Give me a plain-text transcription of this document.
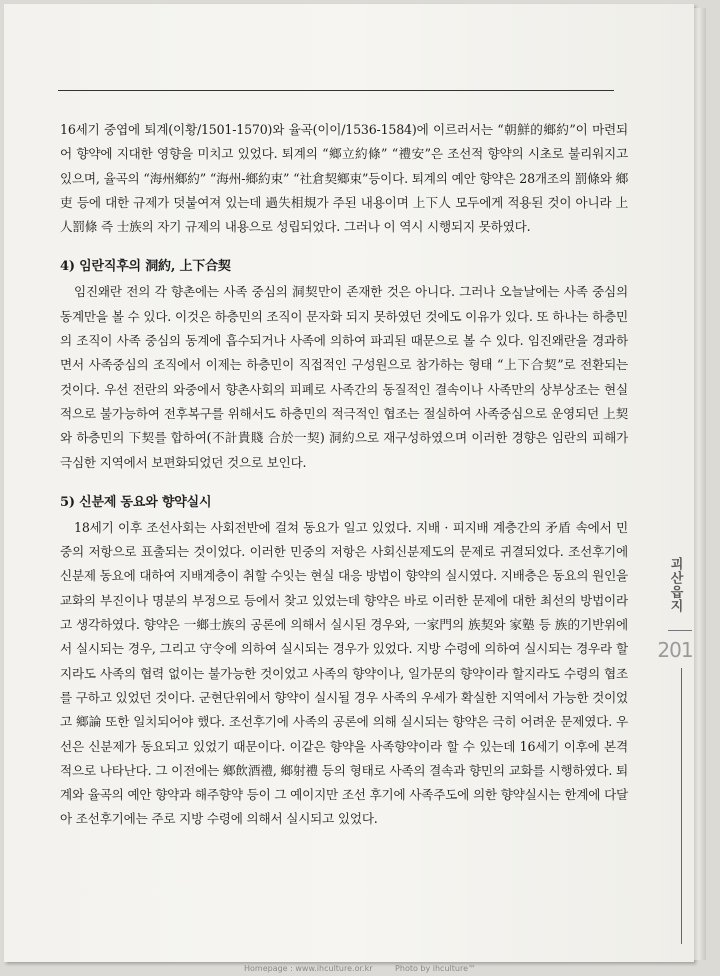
16세기 중엽에 퇴계(이황/1501-1570)와 율곡(이이/1536-1584)에 이르러서는 “朝鮮的鄉約”이 마련되어 향약에 지대한 영향을 미치고 있었다. 퇴계의 “鄉立約條” “禮安”은 조선적 향약의 시초로 불리워지고 있으며, 율곡의 “海州鄉約” “海州-鄉約束” “社倉契鄉束”등이다. 퇴계의 예안 향약은 28개조의 罰條와 鄉吏 등에 대한 규제가 덧붙여져 있는데 過失相規가 주된 내용이며 上下人 모두에게 적용된 것이 아니라 上人罰條 즉 士族의 자기 규제의 내용으로 성립되었다. 그러나 이 역시 시행되지 못하였다.

4) 임란직후의 洞約, 上下合契

임진왜란 전의 각 향촌에는 사족 중심의 洞契만이 존재한 것은 아니다. 그러나 오늘날에는 사족 중심의 동계만을 볼 수 있다. 이것은 하층민의 조직이 문자화 되지 못하였던 것에도 이유가 있다. 또 하나는 하층민의 조직이 사족 중심의 동계에 흡수되거나 사족에 의하여 파괴된 때문으로 볼 수 있다. 임진왜란을 경과하면서 사족중심의 조직에서 이제는 하층민이 직접적인 구성원으로 참가하는 형태 “上下合契”로 전환되는 것이다. 우선 전란의 와중에서 향촌사회의 피폐로 사족간의 동질적인 결속이나 사족만의 상부상조는 현실적으로 불가능하여 전후복구를 위해서도 하층민의 적극적인 협조는 절실하여 사족중심으로 운영되던 上契와 하층민의 下契를 합하여(不計貴賤 合於一契) 洞約으로 재구성하였으며 이러한 경향은 임란의 피해가 극심한 지역에서 보편화되었던 것으로 보인다.

5) 신분제 동요와 향약실시

18세기 이후 조선사회는 사회전반에 걸쳐 동요가 일고 있었다. 지배 · 피지배 계층간의 矛盾 속에서 민중의 저항으로 표출되는 것이었다. 이러한 민중의 저항은 사회신분제도의 문제로 귀결되었다. 조선후기에 신분제 동요에 대하여 지배계층이 취할 수잇는 현실 대응 방법이 향약의 실시였다. 지배층은 동요의 원인을 교화의 부진이나 명분의 부정으로 등에서 찾고 있었는데 향약은 바로 이러한 문제에 대한 최선의 방법이라고 생각하였다. 향약은 一鄉士族의 공론에 의해서 실시된 경우와, 一家門의 族契와 家塾 등 族的기반위에서 실시되는 경우, 그리고 守令에 의하여 실시되는 경우가 있었다. 지방 수령에 의하여 실시되는 경우라 할지라도 사족의 협력 없이는 불가능한 것이었고 사족의 향약이나, 일가문의 향약이라 할지라도 수령의 협조를 구하고 있었던 것이다. 군현단위에서 향약이 실시될 경우 사족의 우세가 확실한 지역에서 가능한 것이었고 鄉論 또한 일치되어야 했다. 조선후기에 사족의 공론에 의해 실시되는 향약은 극히 어려운 문제였다. 우선은 신분제가 동요되고 있었기 때문이다. 이같은 향약을 사족향약이라 할 수 있는데 16세기 이후에 본격적으로 나타난다. 그 이전에는 鄉飲酒禮, 鄉射禮 등의 형태로 사족의 결속과 향민의 교화를 시행하였다. 퇴계와 율곡의 예안 향약과 해주향약 등이 그 예이지만 조선 후기에 사족주도에 의한 향약실시는 한계에 다달아 조선후기에는 주로 지방 수령에 의해서 실시되고 있었다.

괴산읍지
201
Homepage : www.ihculture.or.kr	Photo by ihculture™
